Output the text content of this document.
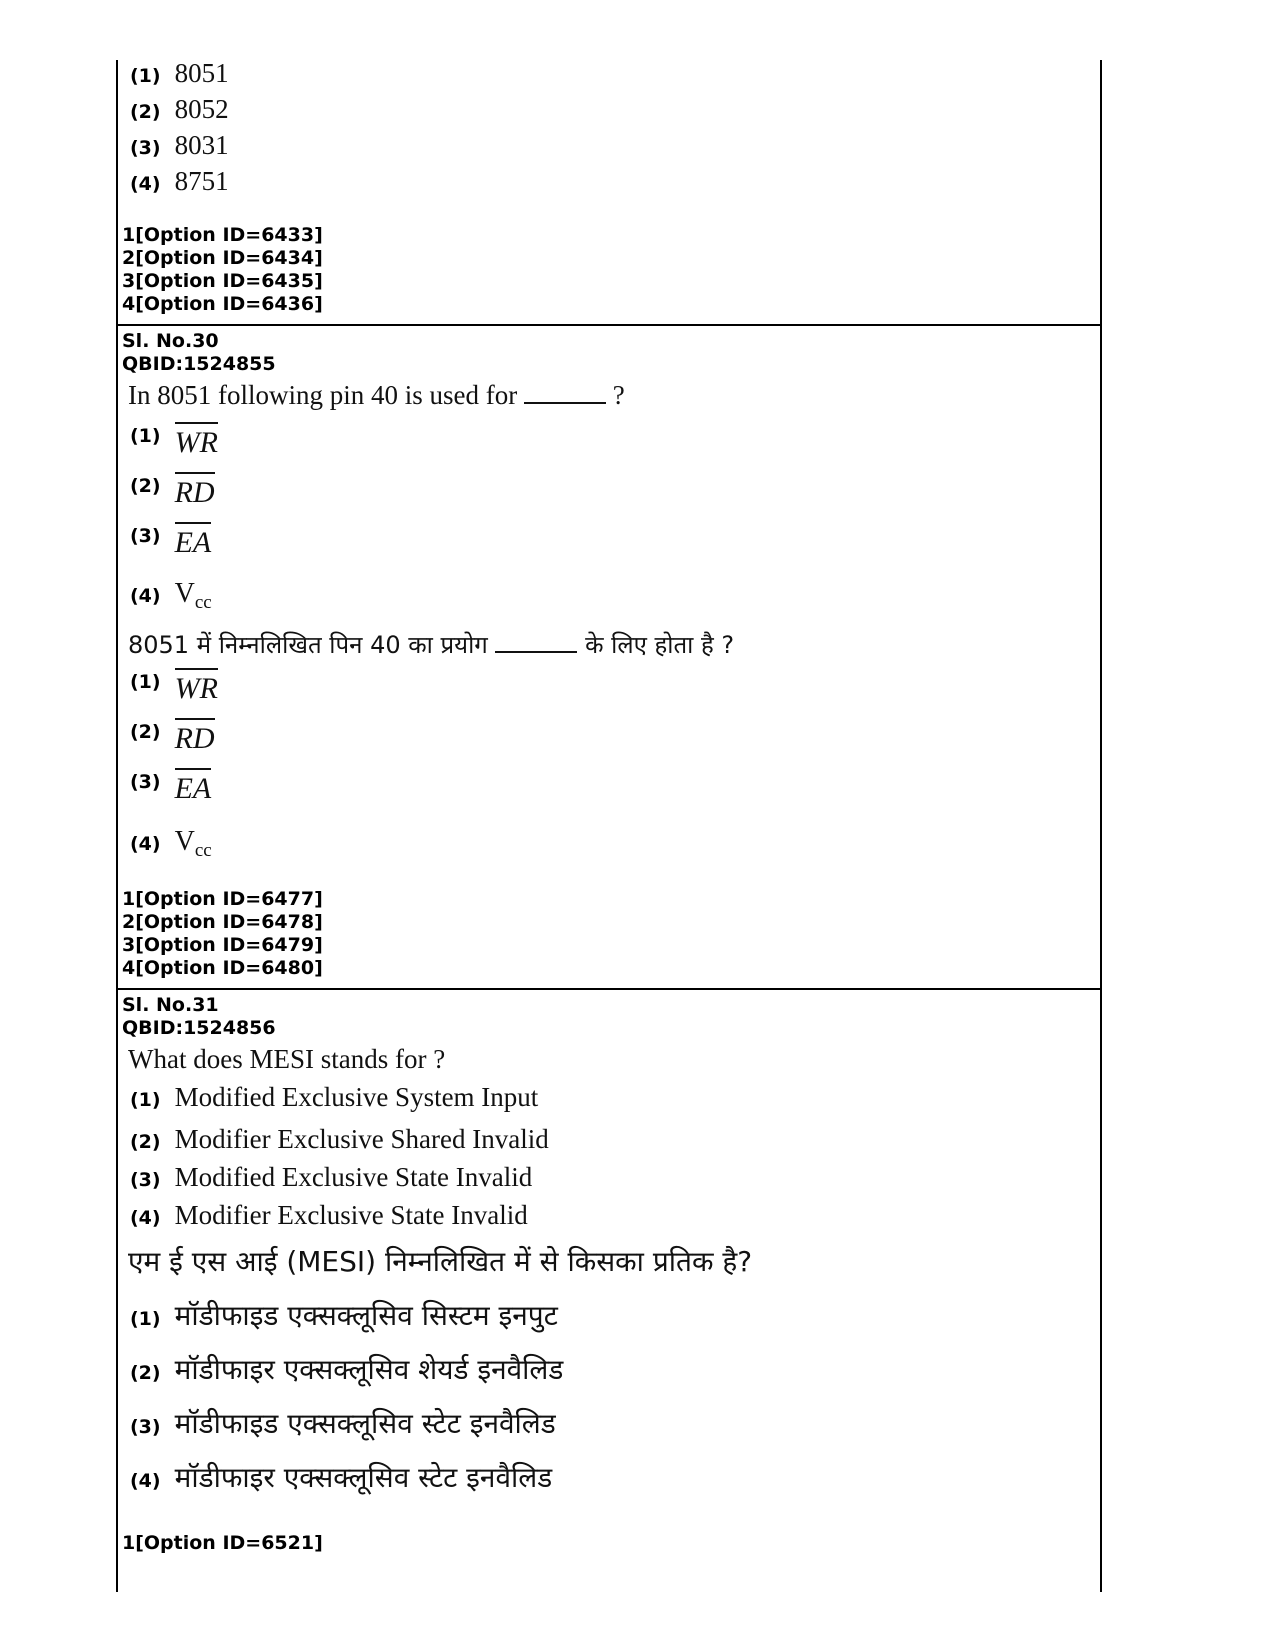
(1) 8051
(2) 8052
(3) 8031
(4) 8751
1[Option ID=6433]
2[Option ID=6434]
3[Option ID=6435]
4[Option ID=6436]
Sl. No.30
QBID:1524855
In 8051 following pin 40 is used for	?
(1) WR
(2) RD
(3) EA
(4) $V_{cc}$
8051 में निम्नलिखित पिन 40 का प्रयोग	के लिए होता है ?
(1) WR
(2) RD
(3) EA
(4) $V_{cc}$
1[Option ID=6477]
2[Option ID=6478]
3[Option ID=6479]
4[Option ID=6480]
Sl. No.31
QBID:1524856
What does MESI stands for ?
(1) Modified Exclusive System Input
(2) Modifier Exclusive Shared Invalid
(3) Modified Exclusive State Invalid
(4) Modifier Exclusive State Invalid
एम ई एस आई (MESI) निम्नलिखित में से किसका प्रतिक है?
(1) मॉडीफाइड एक्सक्लूसिव सिस्टम इनपुट
(2) मॉडीफाइर एक्सक्लूसिव शेयर्ड इनवैलिड
(3) मॉडीफाइड एक्सक्लूसिव स्टेट इनवैलिड
(4) मॉडीफाइर एक्सक्लूसिव स्टेट इनवैलिड
1[Option ID=6521]
